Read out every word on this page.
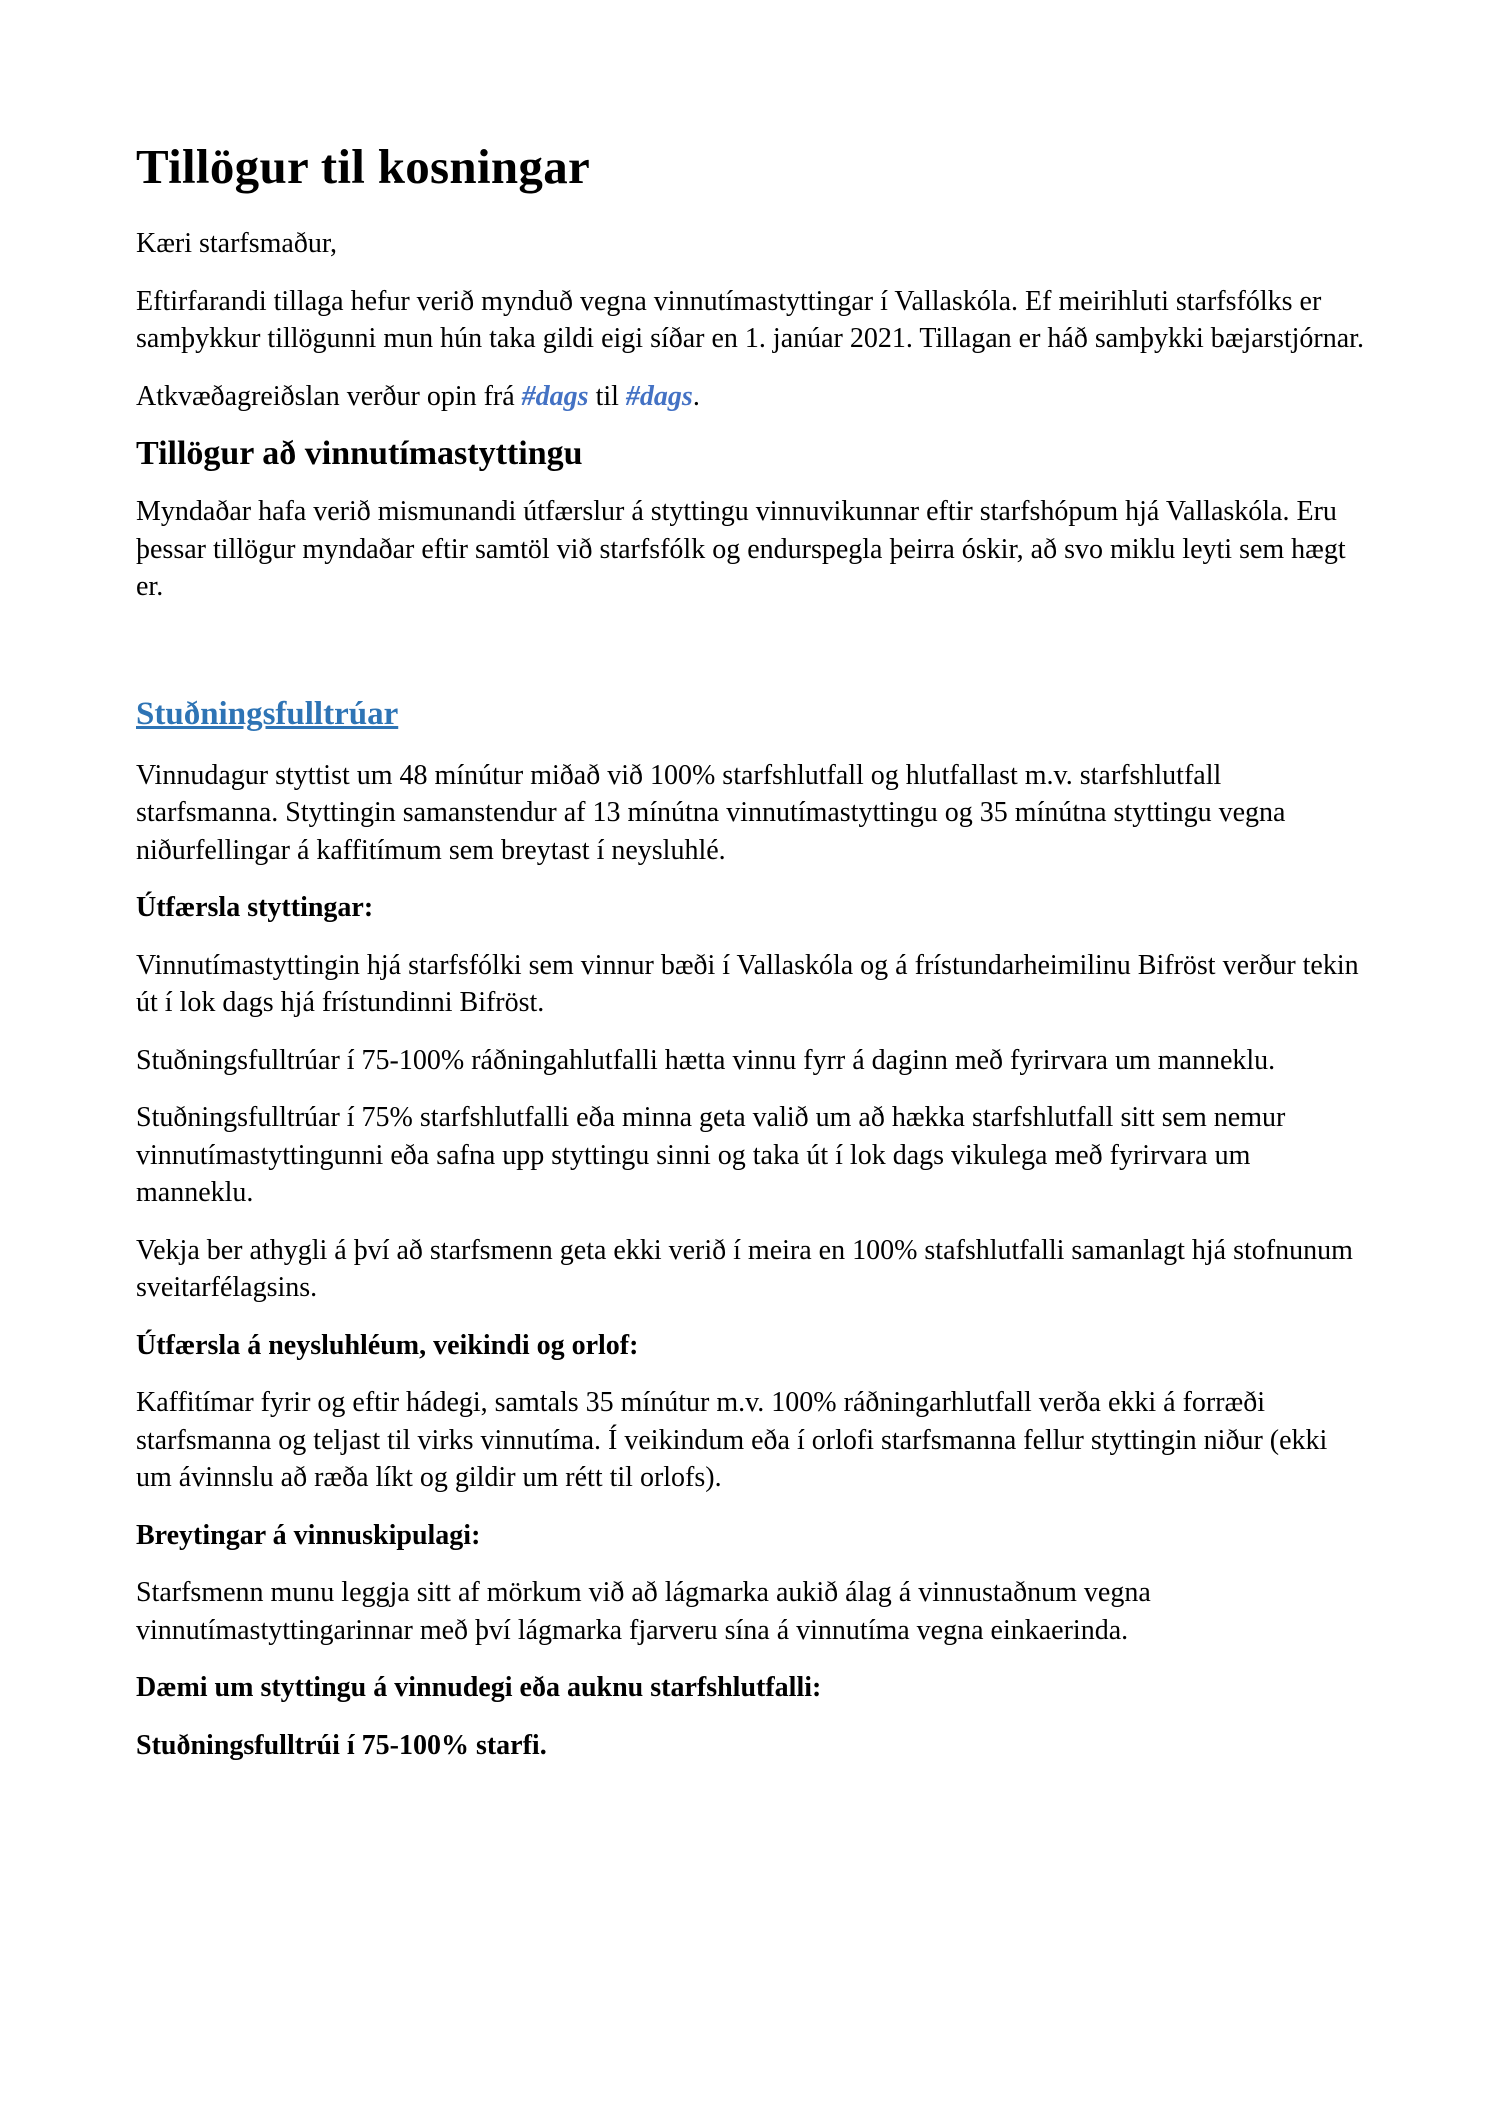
Tillögur til kosningar

Kæri starfsmaður,

Eftirfarandi tillaga hefur verið mynduð vegna vinnutímastyttingar í Vallaskóla. Ef meirihluti starfsfólks er samþykkur tillögunni mun hún taka gildi eigi síðar en 1. janúar 2021. Tillagan er háð samþykki bæjarstjórnar.

Atkvæðagreiðslan verður opin frá #dags til #dags.

Tillögur að vinnutímastyttingu

Myndaðar hafa verið mismunandi útfærslur á styttingu vinnuvikunnar eftir starfshópum hjá Vallaskóla. Eru þessar tillögur myndaðar eftir samtöl við starfsfólk og endurspegla þeirra óskir, að svo miklu leyti sem hægt er.

Stuðningsfulltrúar

Vinnudagur styttist um 48 mínútur miðað við 100% starfshlutfall og hlutfallast m.v. starfshlutfall starfsmanna. Styttingin samanstendur af 13 mínútna vinnutímastyttingu og 35 mínútna styttingu vegna niðurfellingar á kaffitímum sem breytast í neysluhlé.

Útfærsla styttingar:

Vinnutímastyttingin hjá starfsfólki sem vinnur bæði í Vallaskóla og á frístundarheimilinu Bifröst verður tekin út í lok dags hjá frístundinni Bifröst.

Stuðningsfulltrúar í 75-100% ráðningahlutfalli hætta vinnu fyrr á daginn með fyrirvara um manneklu.

Stuðningsfulltrúar í 75% starfshlutfalli eða minna geta valið um að hækka starfshlutfall sitt sem nemur vinnutímastyttingunni eða safna upp styttingu sinni og taka út í lok dags vikulega með fyrirvara um manneklu.

Vekja ber athygli á því að starfsmenn geta ekki verið í meira en 100% stafshlutfalli samanlagt hjá stofnunum sveitarfélagsins.

Útfærsla á neysluhléum, veikindi og orlof:

Kaffitímar fyrir og eftir hádegi, samtals 35 mínútur m.v. 100% ráðningarhlutfall verða ekki á forræði starfsmanna og teljast til virks vinnutíma. Í veikindum eða í orlofi starfsmanna fellur styttingin niður (ekki um ávinnslu að ræða líkt og gildir um rétt til orlofs).

Breytingar á vinnuskipulagi:

Starfsmenn munu leggja sitt af mörkum við að lágmarka aukið álag á vinnustaðnum vegna vinnutímastyttingarinnar með því lágmarka fjarveru sína á vinnutíma vegna einkaerinda.

Dæmi um styttingu á vinnudegi eða auknu starfshlutfalli:

Stuðningsfulltrúi í 75-100% starfi.
